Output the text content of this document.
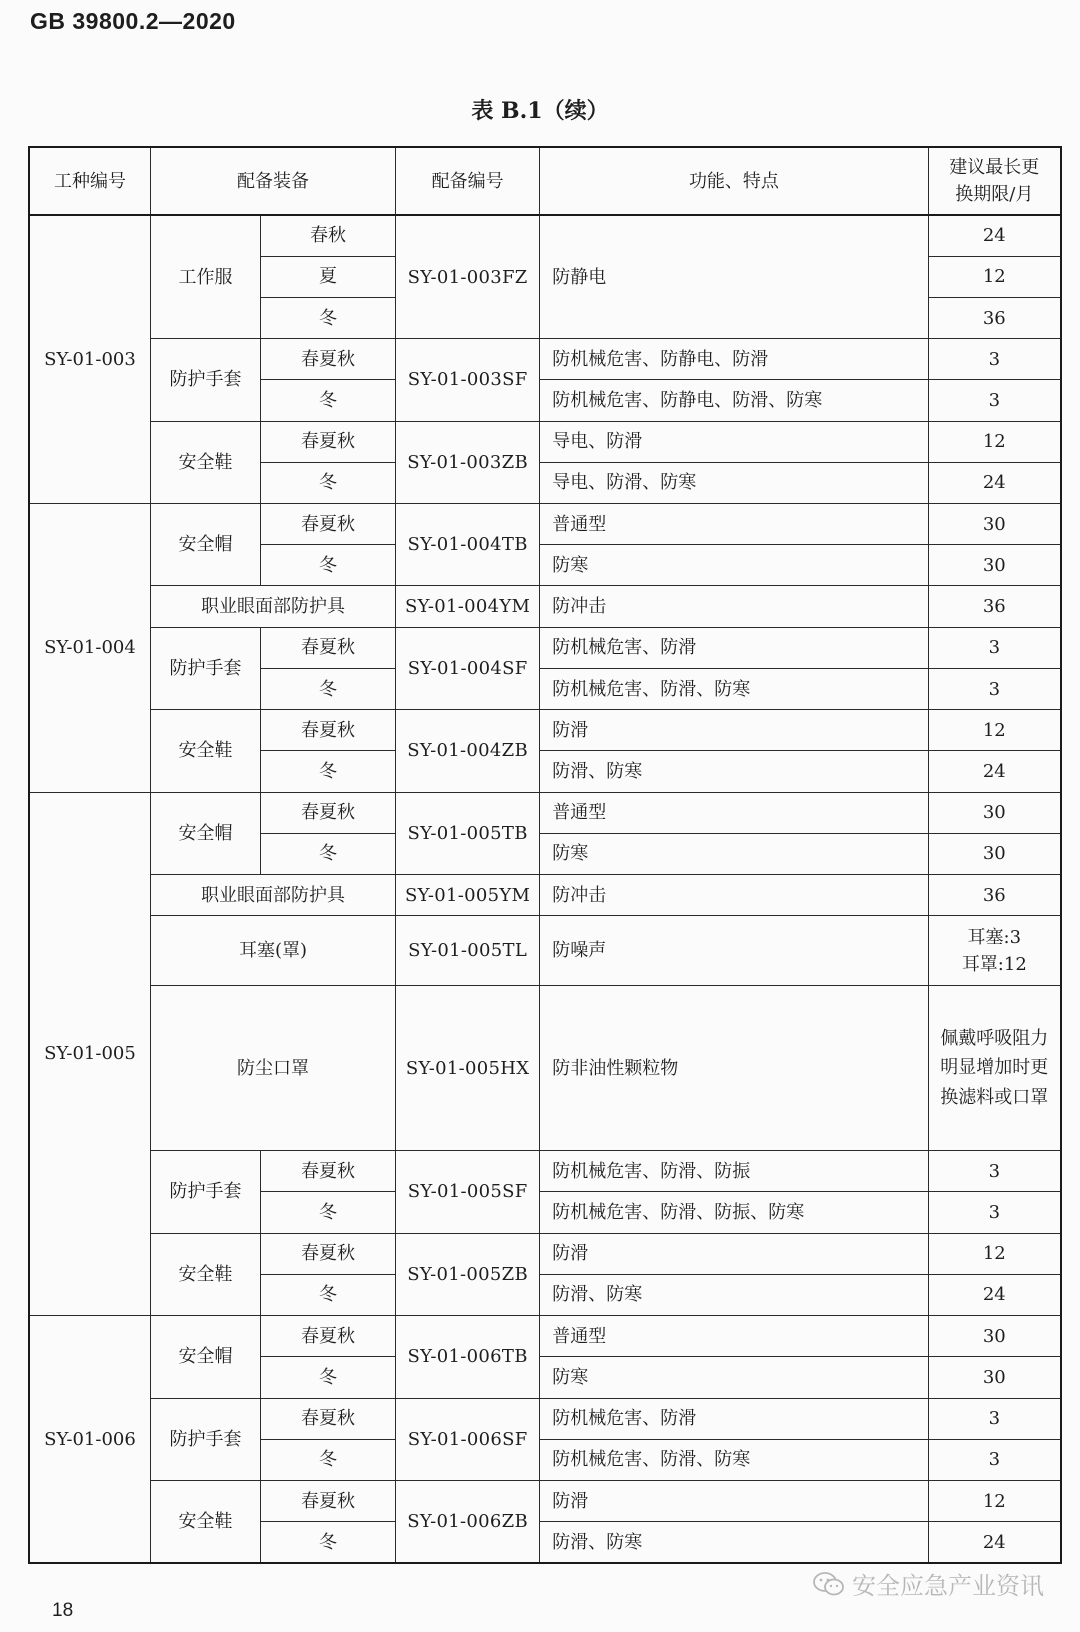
GB 39800.2—2020
表 B.1（续）
工种编号	配备装备		配备编号	功能、特点	建议最长更
换期限/月

SY-01-003	工作服	春秋	SY-01-003FZ	防静电	24
		夏			12
		冬			36
	防护手套	春夏秋	SY-01-003SF	防机械危害、防静电、防滑	3
		冬		防机械危害、防静电、防滑、防寒	3
	安全鞋	春夏秋	SY-01-003ZB	导电、防滑	12
		冬		导电、防滑、防寒	24
SY-01-004	安全帽	春夏秋	SY-01-004TB	普通型	30
		冬		防寒	30
	职业眼面部防护具		SY-01-004YM	防冲击	36
	防护手套	春夏秋	SY-01-004SF	防机械危害、防滑	3
		冬		防机械危害、防滑、防寒	3
	安全鞋	春夏秋	SY-01-004ZB	防滑	12
		冬		防滑、防寒	24
SY-01-005	安全帽	春夏秋	SY-01-005TB	普通型	30
		冬		防寒	30
	职业眼面部防护具		SY-01-005YM	防冲击	36
	耳塞(罩)		SY-01-005TL	防噪声	耳塞:3
耳罩:12

	防尘口罩		SY-01-005HX	防非油性颗粒物	佩戴呼吸阻力
明显增加时更
换滤料或口罩

	防护手套	春夏秋	SY-01-005SF	防机械危害、防滑、防振	3
		冬		防机械危害、防滑、防振、防寒	3
	安全鞋	春夏秋	SY-01-005ZB	防滑	12
		冬		防滑、防寒	24
SY-01-006	安全帽	春夏秋	SY-01-006TB	普通型	30
		冬		防寒	30
	防护手套	春夏秋	SY-01-006SF	防机械危害、防滑	3
		冬		防机械危害、防滑、防寒	3
	安全鞋	春夏秋	SY-01-006ZB	防滑	12
		冬		防滑、防寒	24
安全应急产业资讯
18
